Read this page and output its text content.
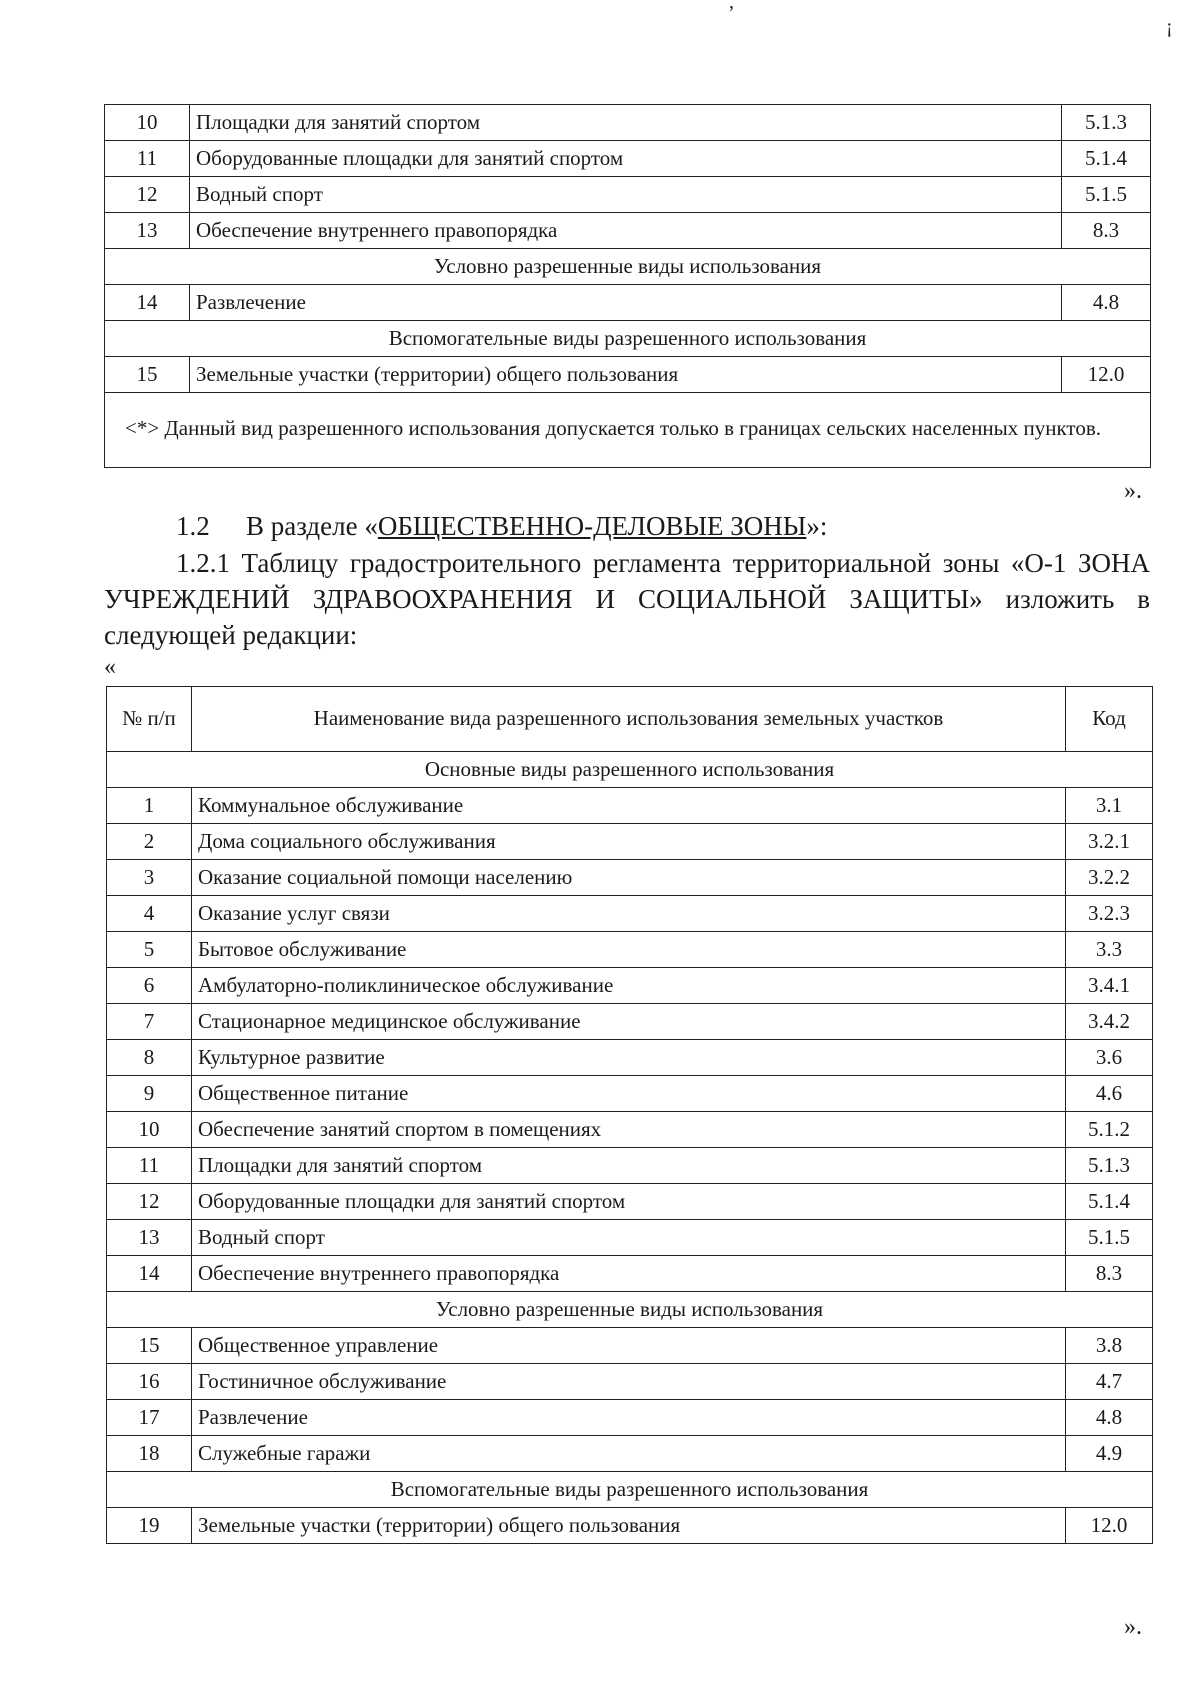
’
¡
10	Площадки для занятий спортом	5.1.3
11	Оборудованные площадки для занятий спортом	5.1.4
12	Водный спорт	5.1.5
13	Обеспечение внутреннего правопорядка	8.3
Условно разрешенные виды использования		
14	Развлечение	4.8
Вспомогательные виды разрешенного использования		
15	Земельные участки (территории) общего пользования	12.0
<*> Данный вид разрешенного использования допускается только в границах сельских населенных пунктов.		
».
1.2 В разделе «ОБЩЕСТВЕННО-ДЕЛОВЫЕ ЗОНЫ»:
1.2.1 Таблицу градостроительного регламента территориальной зоны «О-1 ЗОНА УЧРЕЖДЕНИЙ ЗДРАВООХРАНЕНИЯ И СОЦИАЛЬНОЙ ЗАЩИТЫ» изложить в следующей редакции:
«
№ п/п	Наименование вида разрешенного использования земельных участков	Код
Основные виды разрешенного использования		
1	Коммунальное обслуживание	3.1
2	Дома социального обслуживания	3.2.1
3	Оказание социальной помощи населению	3.2.2
4	Оказание услуг связи	3.2.3
5	Бытовое обслуживание	3.3
6	Амбулаторно-поликлиническое обслуживание	3.4.1
7	Стационарное медицинское обслуживание	3.4.2
8	Культурное развитие	3.6
9	Общественное питание	4.6
10	Обеспечение занятий спортом в помещениях	5.1.2
11	Площадки для занятий спортом	5.1.3
12	Оборудованные площадки для занятий спортом	5.1.4
13	Водный спорт	5.1.5
14	Обеспечение внутреннего правопорядка	8.3
Условно разрешенные виды использования		
15	Общественное управление	3.8
16	Гостиничное обслуживание	4.7
17	Развлечение	4.8
18	Служебные гаражи	4.9
Вспомогательные виды разрешенного использования		
19	Земельные участки (территории) общего пользования	12.0
».
